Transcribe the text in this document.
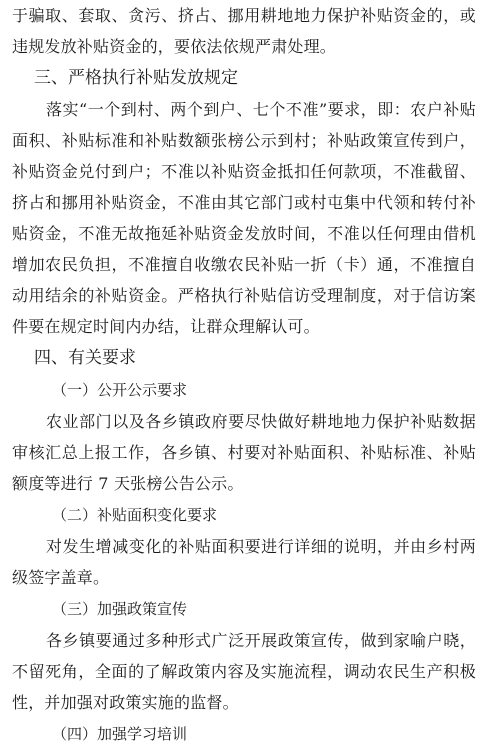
于骗取、套取、贪污、挤占、挪用耕地地力保护补贴资金的，或违规发放补贴资金的，要依法依规严肃处理。

三、严格执行补贴发放规定

落实“一个到村、两个到户、七个不准”要求，即：农户补贴面积、补贴标准和补贴数额张榜公示到村；补贴政策宣传到户，补贴资金兑付到户；不准以补贴资金抵扣任何款项，不准截留、挤占和挪用补贴资金，不准由其它部门或村屯集中代领和转付补贴资金，不准无故拖延补贴资金发放时间，不准以任何理由借机增加农民负担，不准擅自收缴农民补贴一折（卡）通，不准擅自动用结余的补贴资金。严格执行补贴信访受理制度，对于信访案件要在规定时间内办结，让群众理解认可。

四、有关要求
（一）公开公示要求

农业部门以及各乡镇政府要尽快做好耕地地力保护补贴数据审核汇总上报工作，各乡镇、村要对补贴面积、补贴标准、补贴额度等进行 7 天张榜公告公示。

（二）补贴面积变化要求

对发生增减变化的补贴面积要进行详细的说明，并由乡村两级签字盖章。

（三）加强政策宣传

各乡镇要通过多种形式广泛开展政策宣传，做到家喻户晓，不留死角，全面的了解政策内容及实施流程，调动农民生产积极性，并加强对政策实施的监督。

（四）加强学习培训
